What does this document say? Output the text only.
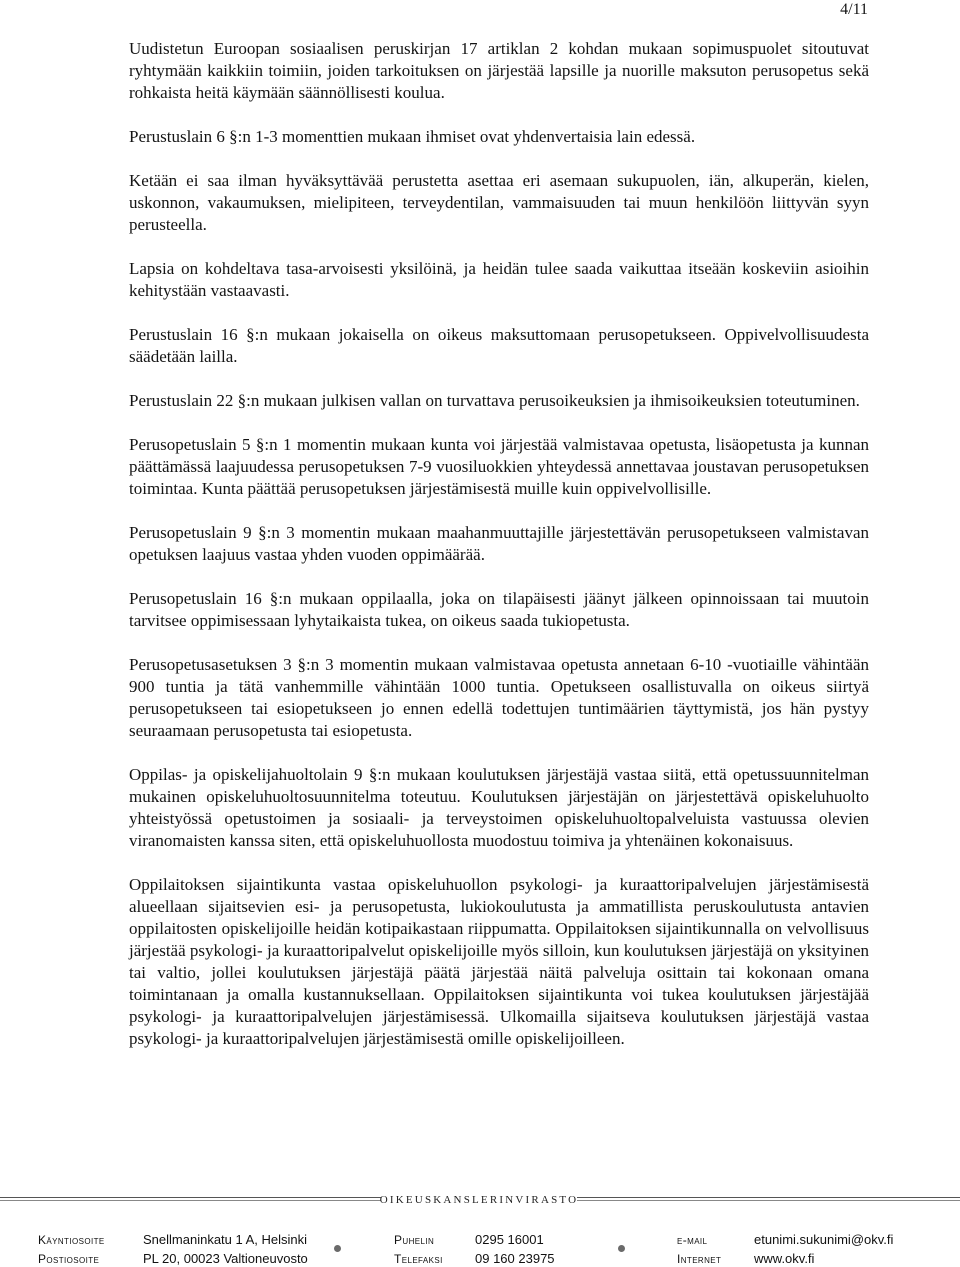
4/11

Uudistetun Euroopan sosiaalisen peruskirjan 17 artiklan 2 kohdan mukaan sopimuspuolet sitoutuvat ryhtymään kaikkiin toimiin, joiden tarkoituksen on järjestää lapsille ja nuorille maksuton perusopetus sekä rohkaista heitä käymään säännöllisesti koulua.

Perustuslain 6 §:n 1-3 momenttien mukaan ihmiset ovat yhdenvertaisia lain edessä.

Ketään ei saa ilman hyväksyttävää perustetta asettaa eri asemaan sukupuolen, iän, alkuperän, kielen, uskonnon, vakaumuksen, mielipiteen, terveydentilan, vammaisuuden tai muun henkilöön liittyvän syyn perusteella.

Lapsia on kohdeltava tasa-arvoisesti yksilöinä, ja heidän tulee saada vaikuttaa itseään koskeviin asioihin kehitystään vastaavasti.

Perustuslain 16 §:n mukaan jokaisella on oikeus maksuttomaan perusopetukseen. Oppivelvollisuudesta säädetään lailla.

Perustuslain 22 §:n mukaan julkisen vallan on turvattava perusoikeuksien ja ihmisoikeuksien toteutuminen.

Perusopetuslain 5 §:n 1 momentin mukaan kunta voi järjestää valmistavaa opetusta, lisäopetusta ja kunnan päättämässä laajuudessa perusopetuksen 7-9 vuosiluokkien yhteydessä annettavaa joustavan perusopetuksen toimintaa. Kunta päättää perusopetuksen järjestämisestä muille kuin oppivelvollisille.

Perusopetuslain 9 §:n 3 momentin mukaan maahanmuuttajille järjestettävän perusopetukseen valmistavan opetuksen laajuus vastaa yhden vuoden oppimäärää.

Perusopetuslain 16 §:n mukaan oppilaalla, joka on tilapäisesti jäänyt jälkeen opinnoissaan tai muutoin tarvitsee oppimisessaan lyhytaikaista tukea, on oikeus saada tukiopetusta.

Perusopetusasetuksen 3 §:n 3 momentin mukaan valmistavaa opetusta annetaan 6-10 -vuotiaille vähintään 900 tuntia ja tätä vanhemmille vähintään 1000 tuntia. Opetukseen osallistuvalla on oikeus siirtyä perusopetukseen tai esiopetukseen jo ennen edellä todettujen tuntimäärien täyttymistä, jos hän pystyy seuraamaan perusopetusta tai esiopetusta.

Oppilas- ja opiskelijahuoltolain 9 §:n mukaan koulutuksen järjestäjä vastaa siitä, että opetussuunnitelman mukainen opiskeluhuoltosuunnitelma toteutuu. Koulutuksen järjestäjän on järjestettävä opiskeluhuolto yhteistyössä opetustoimen ja sosiaali- ja terveystoimen opiskeluhuoltopalveluista vastuussa olevien viranomaisten kanssa siten, että opiskeluhuollosta muodostuu toimiva ja yhtenäinen kokonaisuus.

Oppilaitoksen sijaintikunta vastaa opiskeluhuollon psykologi- ja kuraattoripalvelujen järjestämisestä alueellaan sijaitsevien esi- ja perusopetusta, lukiokoulutusta ja ammatillista peruskoulutusta antavien oppilaitosten opiskelijoille heidän kotipaikastaan riippumatta. Oppilaitoksen sijaintikunnalla on velvollisuus järjestää psykologi- ja kuraattoripalvelut opiskelijoille myös silloin, kun koulutuksen järjestäjä on yksityinen tai valtio, jollei koulutuksen järjestäjä päätä järjestää näitä palveluja osittain tai kokonaan omana toimintanaan ja omalla kustannuksellaan. Oppilaitoksen sijaintikunta voi tukea koulutuksen järjestäjää psykologi- ja kuraattoripalvelujen järjestämisessä. Ulkomailla sijaitseva koulutuksen järjestäjä vastaa psykologi- ja kuraattoripalvelujen järjestämisestä omille opiskelijoilleen.

OIKEUSKANSLERINVIRASTO
Käyntiosoite	Snellmaninkatu 1 A, Helsinki
Postiosoite	PL 20, 00023 Valtioneuvosto
Puhelin	0295 16001
Telefaksi 09 160 23975
e-mail	etunimi.sukunimi@okv.fi
Internet	www.okv.fi
